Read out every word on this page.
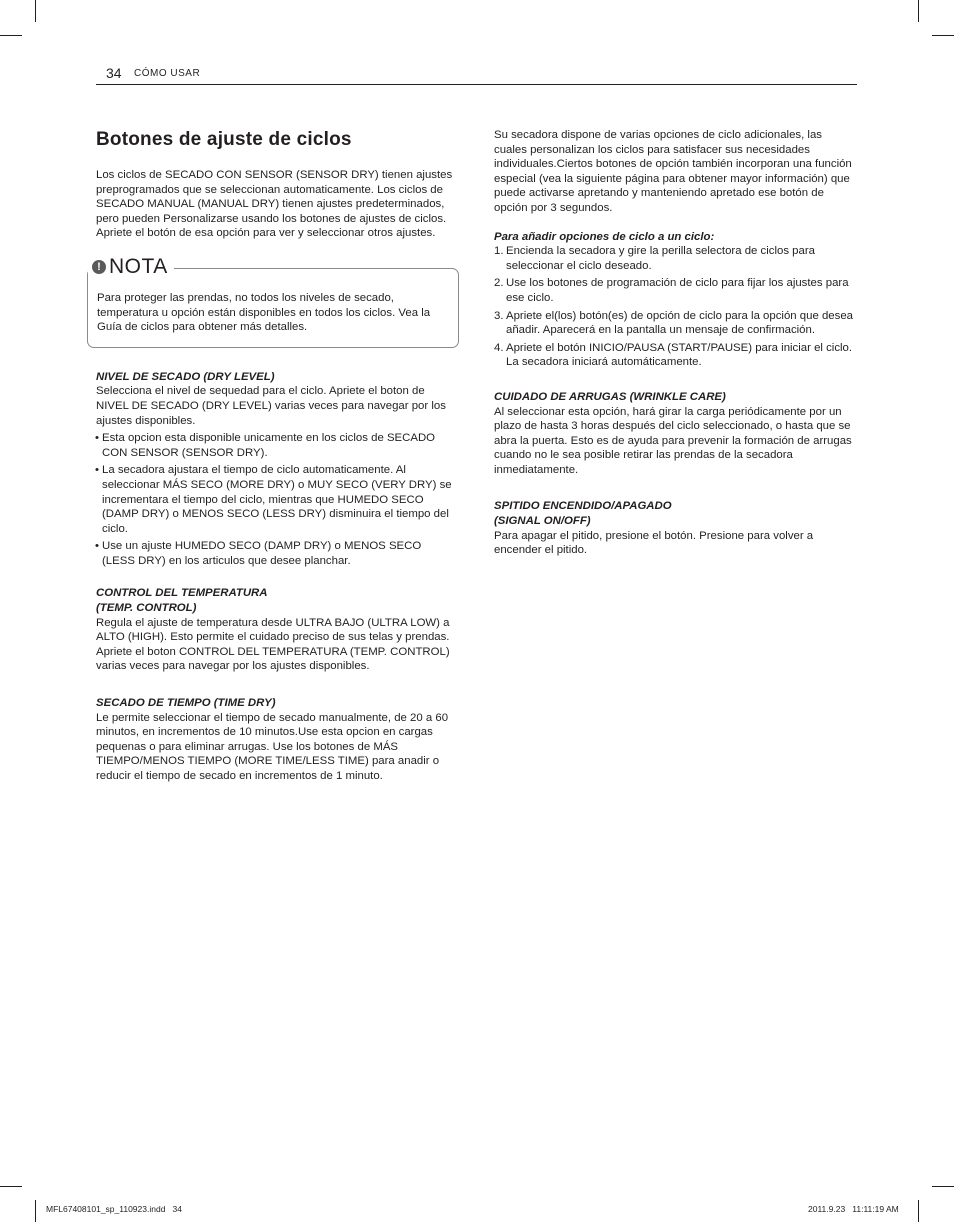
34 CÓMO USAR
Botones de ajuste de ciclos

Los ciclos de SECADO CON SENSOR (SENSOR DRY) tienen ajustes preprogramados que se seleccionan automaticamente. Los ciclos de SECADO MANUAL (MANUAL DRY) tienen ajustes predeterminados, pero pueden Personalizarse usando los botones de ajustes de ciclos. Apriete el botón de esa opción para ver y seleccionar otros ajustes.

! NOTA

Para proteger las prendas, no todos los niveles de secado, temperatura u opción están disponibles en todos los ciclos. Vea la Guía de ciclos para obtener más detalles.

NIVEL DE SECADO (DRY LEVEL)

Selecciona el nivel de sequedad para el ciclo. Apriete el boton de NIVEL DE SECADO (DRY LEVEL) varias veces para navegar por los ajustes disponibles.

• Esta opcion esta disponible unicamente en los ciclos de SECADO CON SENSOR (SENSOR DRY).
• La secadora ajustara el tiempo de ciclo automaticamente. Al seleccionar MÁS SECO (MORE DRY) o MUY SECO (VERY DRY) se incrementara el tiempo del ciclo, mientras que HUMEDO SECO (DAMP DRY) o MENOS SECO (LESS DRY) disminuira el tiempo del ciclo.
• Use un ajuste HUMEDO SECO (DAMP DRY) o MENOS SECO (LESS DRY) en los articulos que desee planchar.

CONTROL DEL TEMPERATURA

(TEMP. CONTROL)

Regula el ajuste de temperatura desde ULTRA BAJO (ULTRA LOW) a ALTO (HIGH). Esto permite el cuidado preciso de sus telas y prendas. Apriete el boton CONTROL DEL TEMPERATURA (TEMP. CONTROL) varias veces para navegar por los ajustes disponibles.

SECADO DE TIEMPO (TIME DRY)

Le permite seleccionar el tiempo de secado manualmente, de 20 a 60 minutos, en incrementos de 10 minutos.Use esta opcion en cargas pequenas o para eliminar arrugas. Use los botones de MÁS TIEMPO/MENOS TIEMPO (MORE TIME/LESS TIME) para anadir o reducir el tiempo de secado en incrementos de 1 minuto.

Su secadora dispone de varias opciones de ciclo adicionales, las cuales personalizan los ciclos para satisfacer sus necesidades individuales.Ciertos botones de opción también incorporan una función especial (vea la siguiente página para obtener mayor información) que puede activarse apretando y manteniendo apretado ese botón de opción por 3 segundos.

Para añadir opciones de ciclo a un ciclo:

1. Encienda la secadora y gire la perilla selectora de ciclos para seleccionar el ciclo deseado.
2. Use los botones de programación de ciclo para fijar los ajustes para ese ciclo.
3. Apriete el(los) botón(es) de opción de ciclo para la opción que desea añadir. Aparecerá en la pantalla un mensaje de confirmación.
4. Apriete el botón INICIO/PAUSA (START/PAUSE) para iniciar el ciclo. La secadora iniciará automáticamente.

CUIDADO DE ARRUGAS (WRINKLE CARE)

Al seleccionar esta opción, hará girar la carga periódicamente por un plazo de hasta 3 horas después del ciclo seleccionado, o hasta que se abra la puerta. Esto es de ayuda para prevenir la formación de arrugas cuando no le sea posible retirar las prendas de la secadora inmediatamente.

SPITIDO ENCENDIDO/APAGADO

(SIGNAL ON/OFF)

Para apagar el pitido, presione el botón. Presione para volver a encender el pitido.

MFL67408101_sp_110923.indd   34	2011.9.23   11:11:19 AM
